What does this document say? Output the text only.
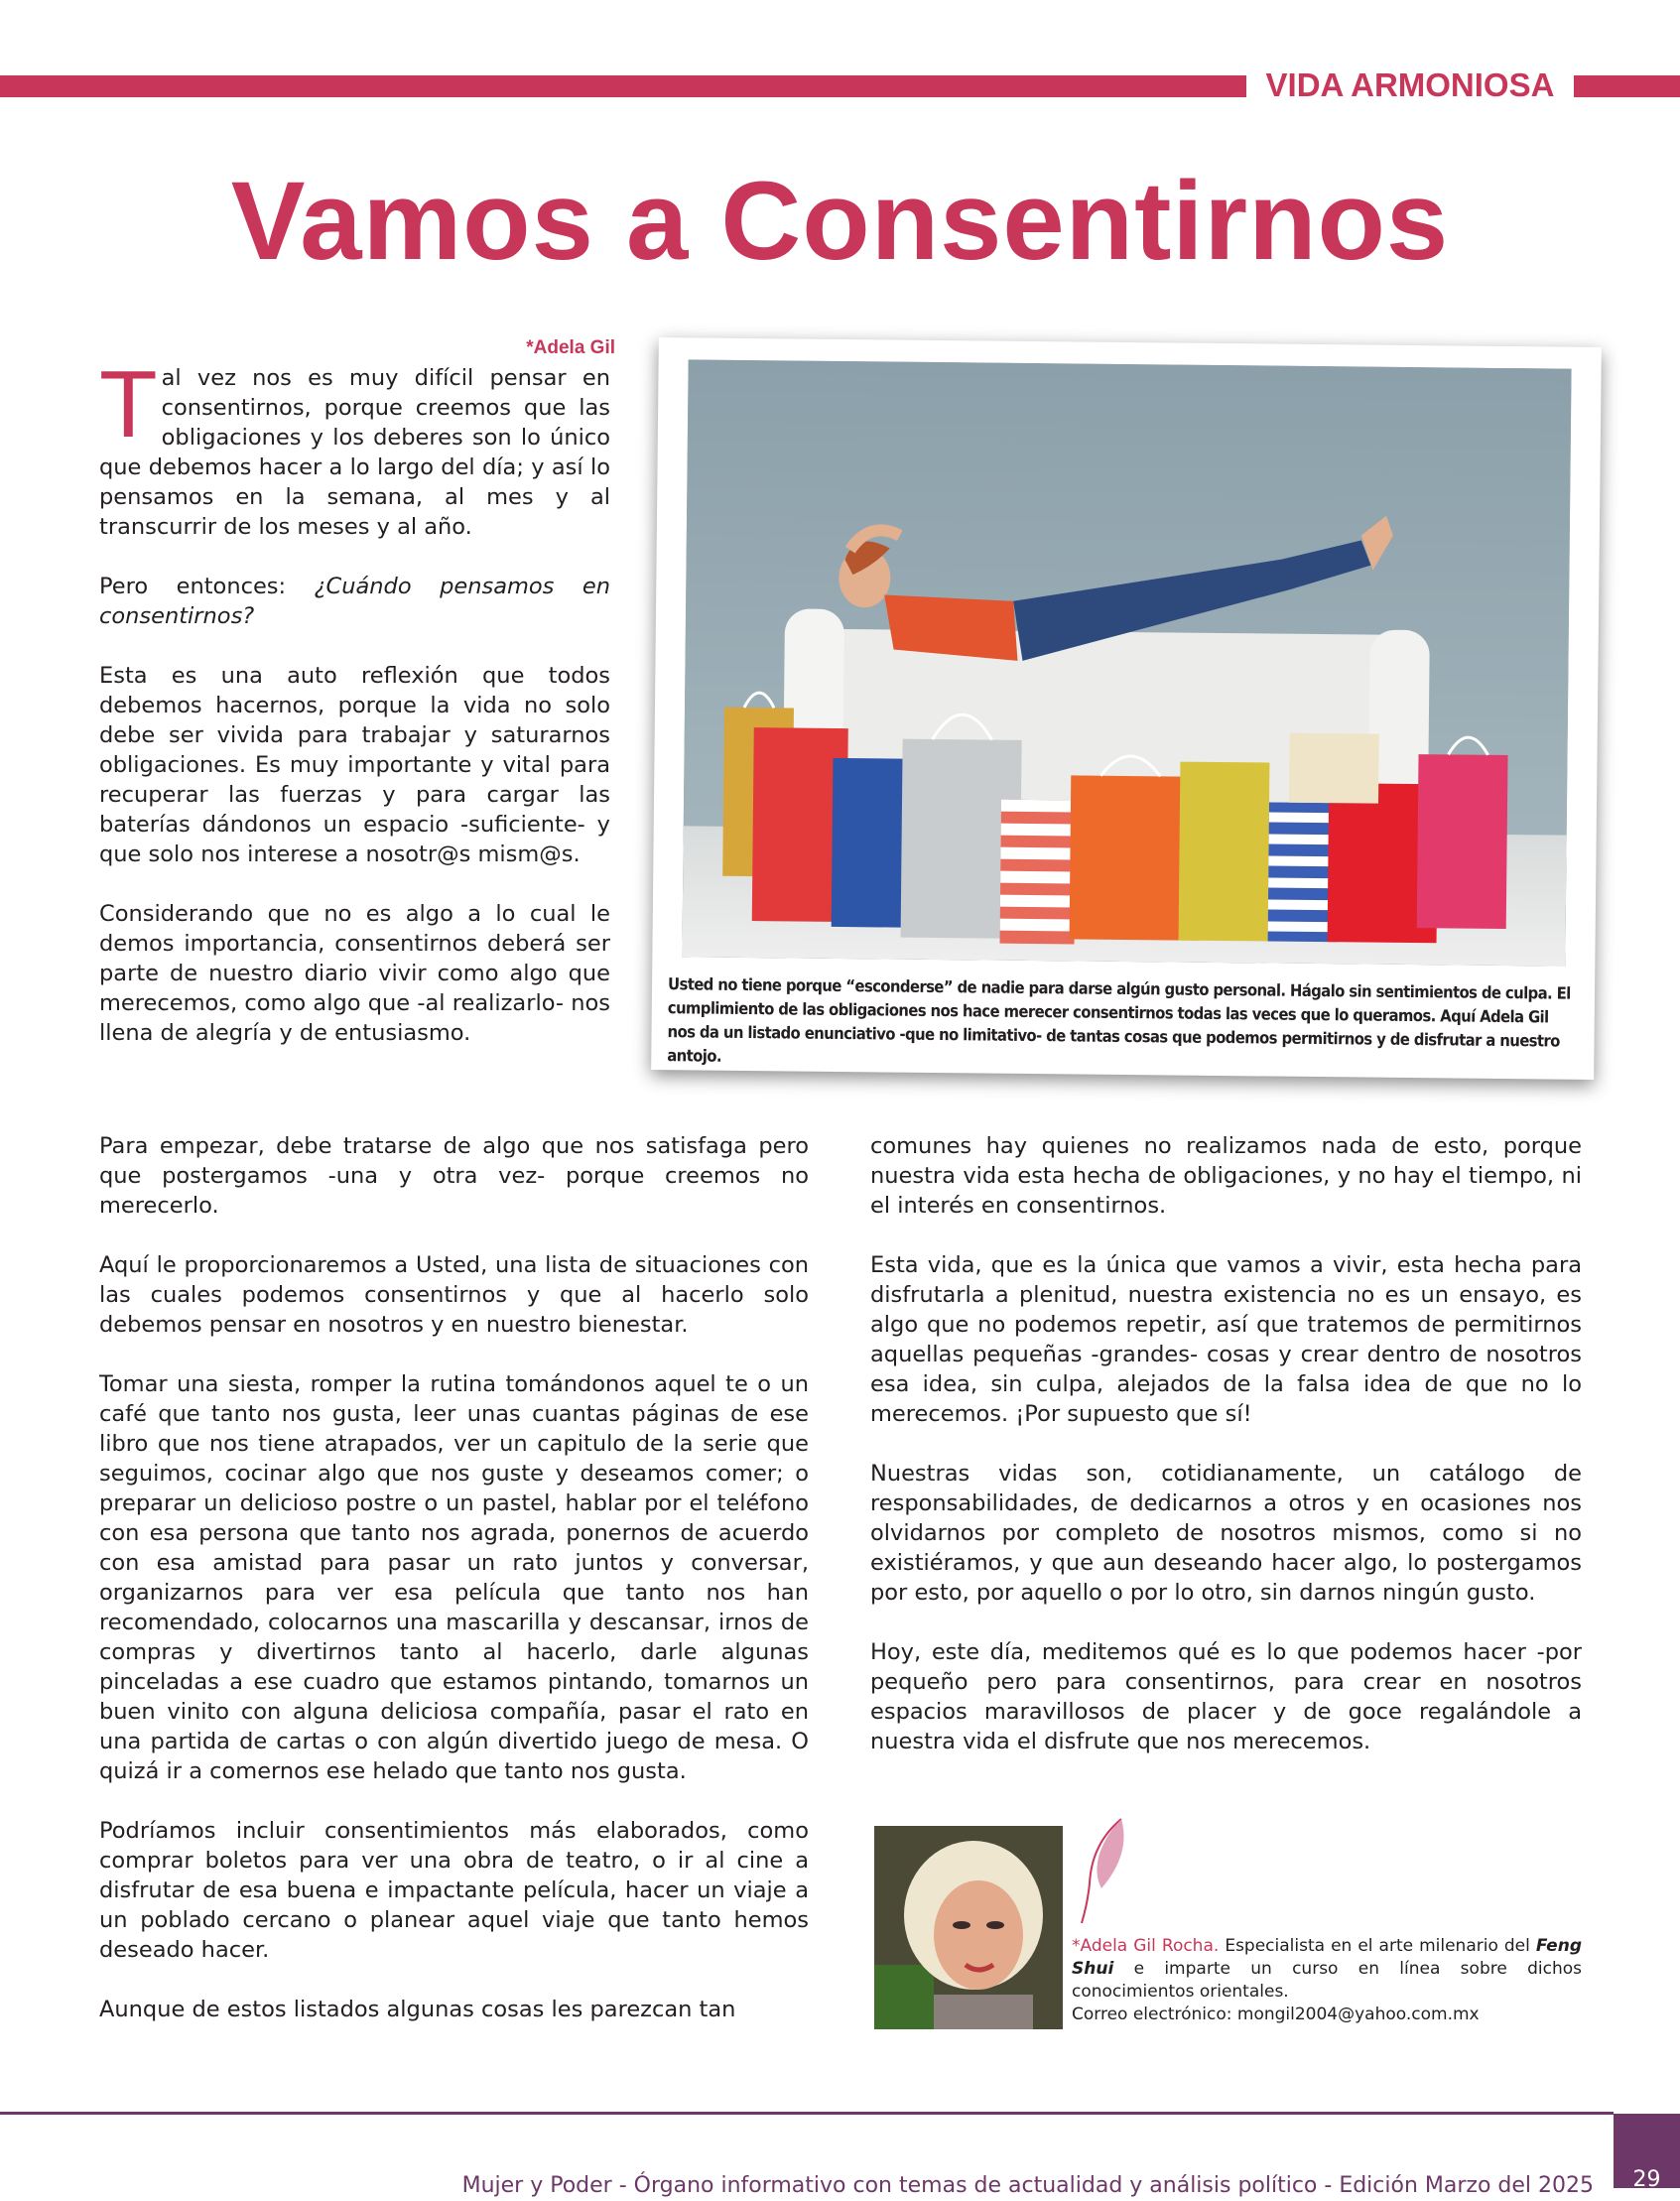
VIDA ARMONIOSA
Vamos a Consentirnos
*Adela Gil

Tal vez nos es muy difícil pensar en consentirnos, porque creemos que las obligaciones y los deberes son lo único que debemos hacer a lo largo del día; y así lo pensamos en la semana, al mes y al transcurrir de los meses y al año.

Pero entonces: ¿Cuándo pensamos en consentirnos?

Esta es una auto reflexión que todos debemos hacernos, porque la vida no solo debe ser vivida para trabajar y saturarnos obligaciones. Es muy importante y vital para recuperar las fuerzas y para cargar las baterías dándonos un espacio -suficiente- y que solo nos interese a nosotr@s mism@s.

Considerando que no es algo a lo cual le demos importancia, consentirnos deberá ser parte de nuestro diario vivir como algo que merecemos, como algo que -al realizarlo- nos llena de alegría y de entusiasmo.

Usted no tiene porque “esconderse” de nadie para darse algún gusto personal. Hágalo sin sentimientos de culpa. El cumplimiento de las obligaciones nos hace merecer consentirnos todas las veces que lo queramos. Aquí Adela Gil nos da un listado enunciativo -que no limitativo- de tantas cosas que podemos permitirnos y de disfrutar a nuestro antojo.

Para empezar, debe tratarse de algo que nos satisfaga pero que postergamos -una y otra vez- porque creemos no merecerlo.

Aquí le proporcionaremos a Usted, una lista de situaciones con las cuales podemos consentirnos y que al hacerlo solo debemos pensar en nosotros y en nuestro bienestar.

Tomar una siesta, romper la rutina tomándonos aquel te o un café que tanto nos gusta, leer unas cuantas páginas de ese libro que nos tiene atrapados, ver un capitulo de la serie que seguimos, cocinar algo que nos guste y deseamos comer; o preparar un delicioso postre o un pastel, hablar por el teléfono con esa persona que tanto nos agrada, ponernos de acuerdo con esa amistad para pasar un rato juntos y conversar, organizarnos para ver esa película que tanto nos han recomendado, colocarnos una mascarilla y descansar, irnos de compras y divertirnos tanto al hacerlo, darle algunas pinceladas a ese cuadro que estamos pintando, tomarnos un buen vinito con alguna deliciosa compañía, pasar el rato en una partida de cartas o con algún divertido juego de mesa. O quizá ir a comernos ese helado que tanto nos gusta.

Podríamos incluir consentimientos más elaborados, como comprar boletos para ver una obra de teatro, o ir al cine a disfrutar de esa buena e impactante película, hacer un viaje a un poblado cercano o planear aquel viaje que tanto hemos deseado hacer.

Aunque de estos listados algunas cosas les parezcan tan

comunes hay quienes no realizamos nada de esto, porque nuestra vida esta hecha de obligaciones, y no hay el tiempo, ni el interés en consentirnos.

Esta vida, que es la única que vamos a vivir, esta hecha para disfrutarla a plenitud, nuestra existencia no es un ensayo, es algo que no podemos repetir, así que tratemos de permitirnos aquellas pequeñas -grandes- cosas y crear dentro de nosotros esa idea, sin culpa, alejados de la falsa idea de que no lo merecemos. ¡Por supuesto que sí!

Nuestras vidas son, cotidianamente, un catálogo de responsabilidades, de dedicarnos a otros y en ocasiones nos olvidarnos por completo de nosotros mismos, como si no existiéramos, y que aun deseando hacer algo, lo postergamos por esto, por aquello o por lo otro, sin darnos ningún gusto.

Hoy, este día, meditemos qué es lo que podemos hacer -por pequeño pero para consentirnos, para crear en nosotros espacios maravillosos de placer y de goce regalándole a nuestra vida el disfrute que nos merecemos.

*Adela Gil Rocha. Especialista en el arte milenario del Feng Shui e imparte un curso en línea sobre dichos conocimientos orientales.
Correo electrónico: mongil2004@yahoo.com.mx
Mujer y Poder - Órgano informativo con temas de actualidad y análisis político - Edición Marzo del 2025	29
